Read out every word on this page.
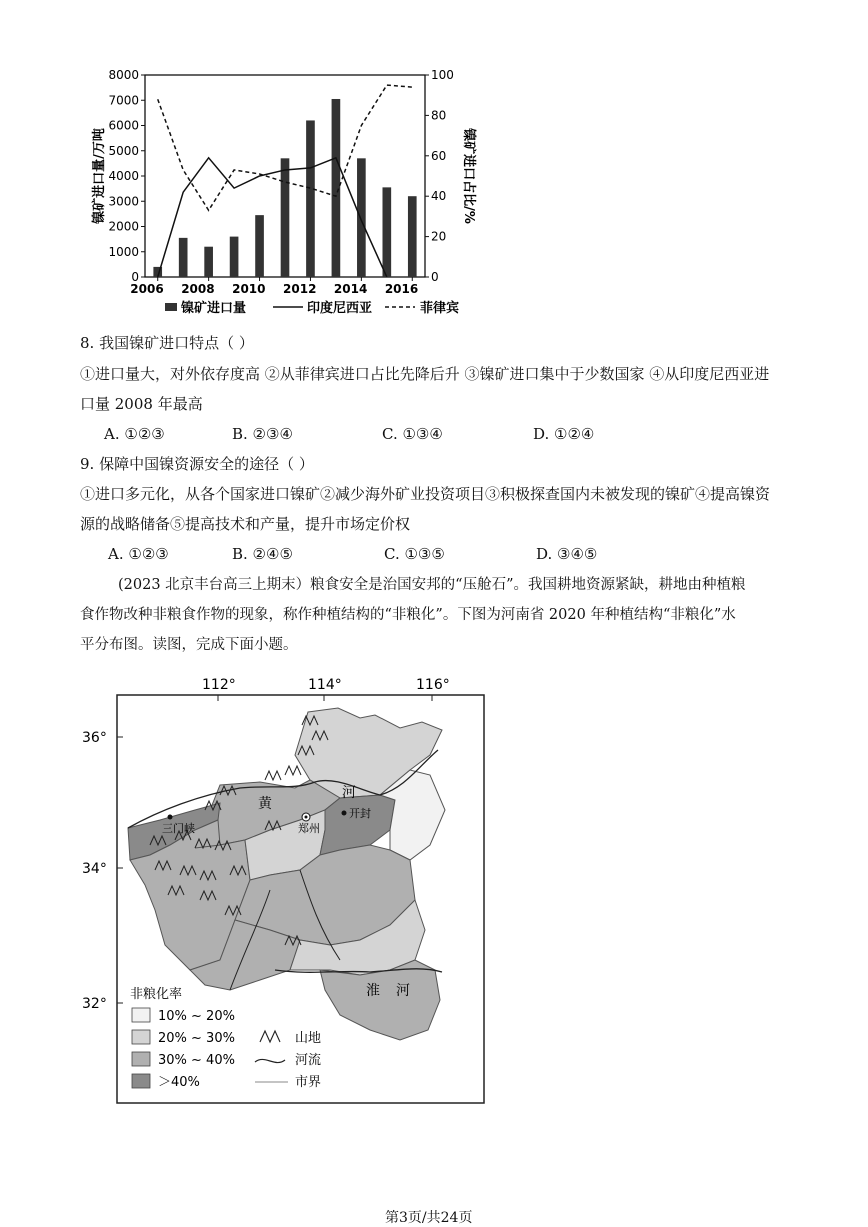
0
1000
2000
3000
4000
5000
6000
7000
8000
0
20
40
60
80
100
2006 2008 2010 2012 2014 2016
镍矿进口量/万吨	镍矿进口占比/%
镍矿进口量	印度尼西亚	菲律宾
8. 我国镍矿进口特点（ ）
①进口量大，对外依存度高 ②从菲律宾进口占比先降后升 ③镍矿进口集中于少数国家 ④从印度尼西亚进
口量 2008 年最高
A. ①②③	B. ②③④	C. ①③④	D. ①②④
9. 保障中国镍资源安全的途径（ ）
①进口多元化，从各个国家进口镍矿②减少海外矿业投资项目③积极探查国内未被发现的镍矿④提高镍资
源的战略储备⑤提高技术和产量，提升市场定价权
A. ①②③	B. ②④⑤	C. ①③⑤	D. ③④⑤
(2023 北京丰台高三上期末）粮食安全是治国安邦的“压舱石”。我国耕地资源紧缺，耕地由种植粮
食作物改种非粮食作物的现象，称作种植结构的“非粮化”。下图为河南省 2020 年种植结构“非粮化”水
平分布图。读图，完成下面小题。
112°	114°	116°
36°
34°
32°
三门峡	郑州
开封
黄
河
淮 河
非粮化率
10% ~ 20%
20% ~ 30%
30% ~ 40%
＞40%
山地
河流
市界
第3页/共24页
